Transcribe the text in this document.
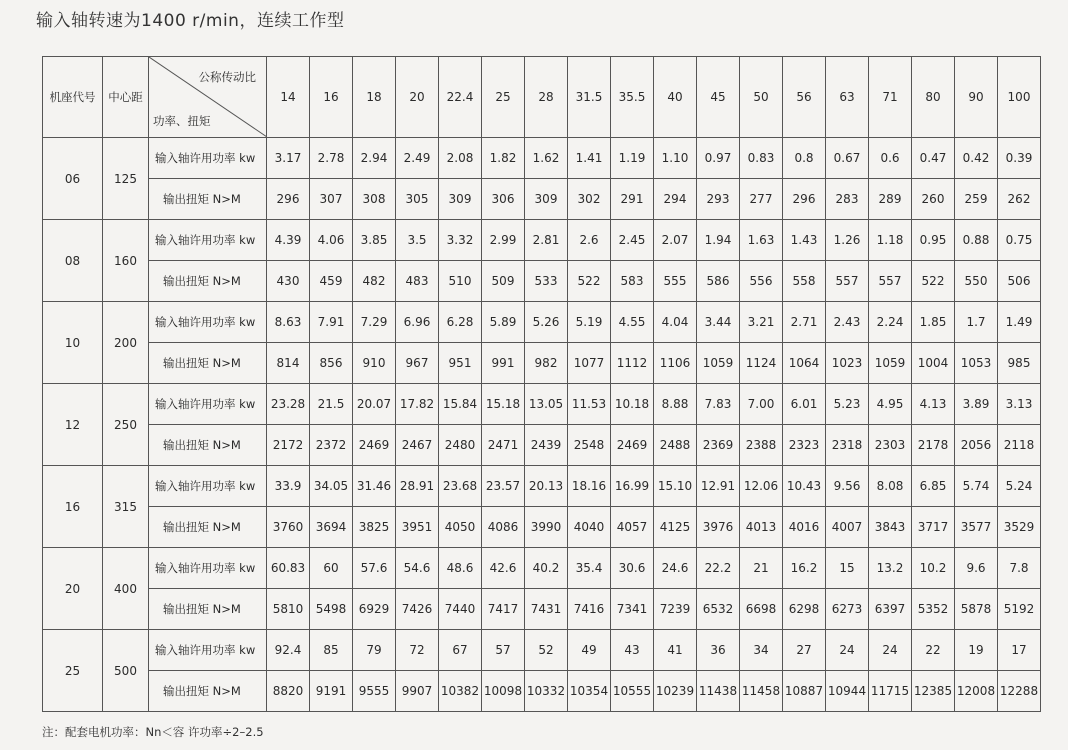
输入轴转速为1400 r/min，连续工作型
机座代号	中心距	公称传动比
功率、扭矩	14	16	18	20	22.4	25	28	31.5	35.5	40	45	50	56	63	71	80	90	100
06	125	输入轴许用功率 kw	3.17	2.78	2.94	2.49	2.08	1.82	1.62	1.41	1.19	1.10	0.97	0.83	0.8	0.67	0.6	0.47	0.42	0.39
		输出扭矩 N>M	296	307	308	305	309	306	309	302	291	294	293	277	296	283	289	260	259	262
08	160	输入轴许用功率 kw	4.39	4.06	3.85	3.5	3.32	2.99	2.81	2.6	2.45	2.07	1.94	1.63	1.43	1.26	1.18	0.95	0.88	0.75
		输出扭矩 N>M	430	459	482	483	510	509	533	522	583	555	586	556	558	557	557	522	550	506
10	200	输入轴许用功率 kw	8.63	7.91	7.29	6.96	6.28	5.89	5.26	5.19	4.55	4.04	3.44	3.21	2.71	2.43	2.24	1.85	1.7	1.49
		输出扭矩 N>M	814	856	910	967	951	991	982	1077	1112	1106	1059	1124	1064	1023	1059	1004	1053	985
12	250	输入轴许用功率 kw	23.28	21.5	20.07	17.82	15.84	15.18	13.05	11.53	10.18	8.88	7.83	7.00	6.01	5.23	4.95	4.13	3.89	3.13
		输出扭矩 N>M	2172	2372	2469	2467	2480	2471	2439	2548	2469	2488	2369	2388	2323	2318	2303	2178	2056	2118
16	315	输入轴许用功率 kw	33.9	34.05	31.46	28.91	23.68	23.57	20.13	18.16	16.99	15.10	12.91	12.06	10.43	9.56	8.08	6.85	5.74	5.24
		输出扭矩 N>M	3760	3694	3825	3951	4050	4086	3990	4040	4057	4125	3976	4013	4016	4007	3843	3717	3577	3529
20	400	输入轴许用功率 kw	60.83	60	57.6	54.6	48.6	42.6	40.2	35.4	30.6	24.6	22.2	21	16.2	15	13.2	10.2	9.6	7.8
		输出扭矩 N>M	5810	5498	6929	7426	7440	7417	7431	7416	7341	7239	6532	6698	6298	6273	6397	5352	5878	5192
25	500	输入轴许用功率 kw	92.4	85	79	72	67	57	52	49	43	41	36	34	27	24	24	22	19	17
		输出扭矩 N>M	8820	9191	9555	9907	10382	10098	10332	10354	10555	10239	11438	11458	10887	10944	11715	12385	12008	12288
注：配套电机功率：Nn＜容 许功率÷2–2.5
